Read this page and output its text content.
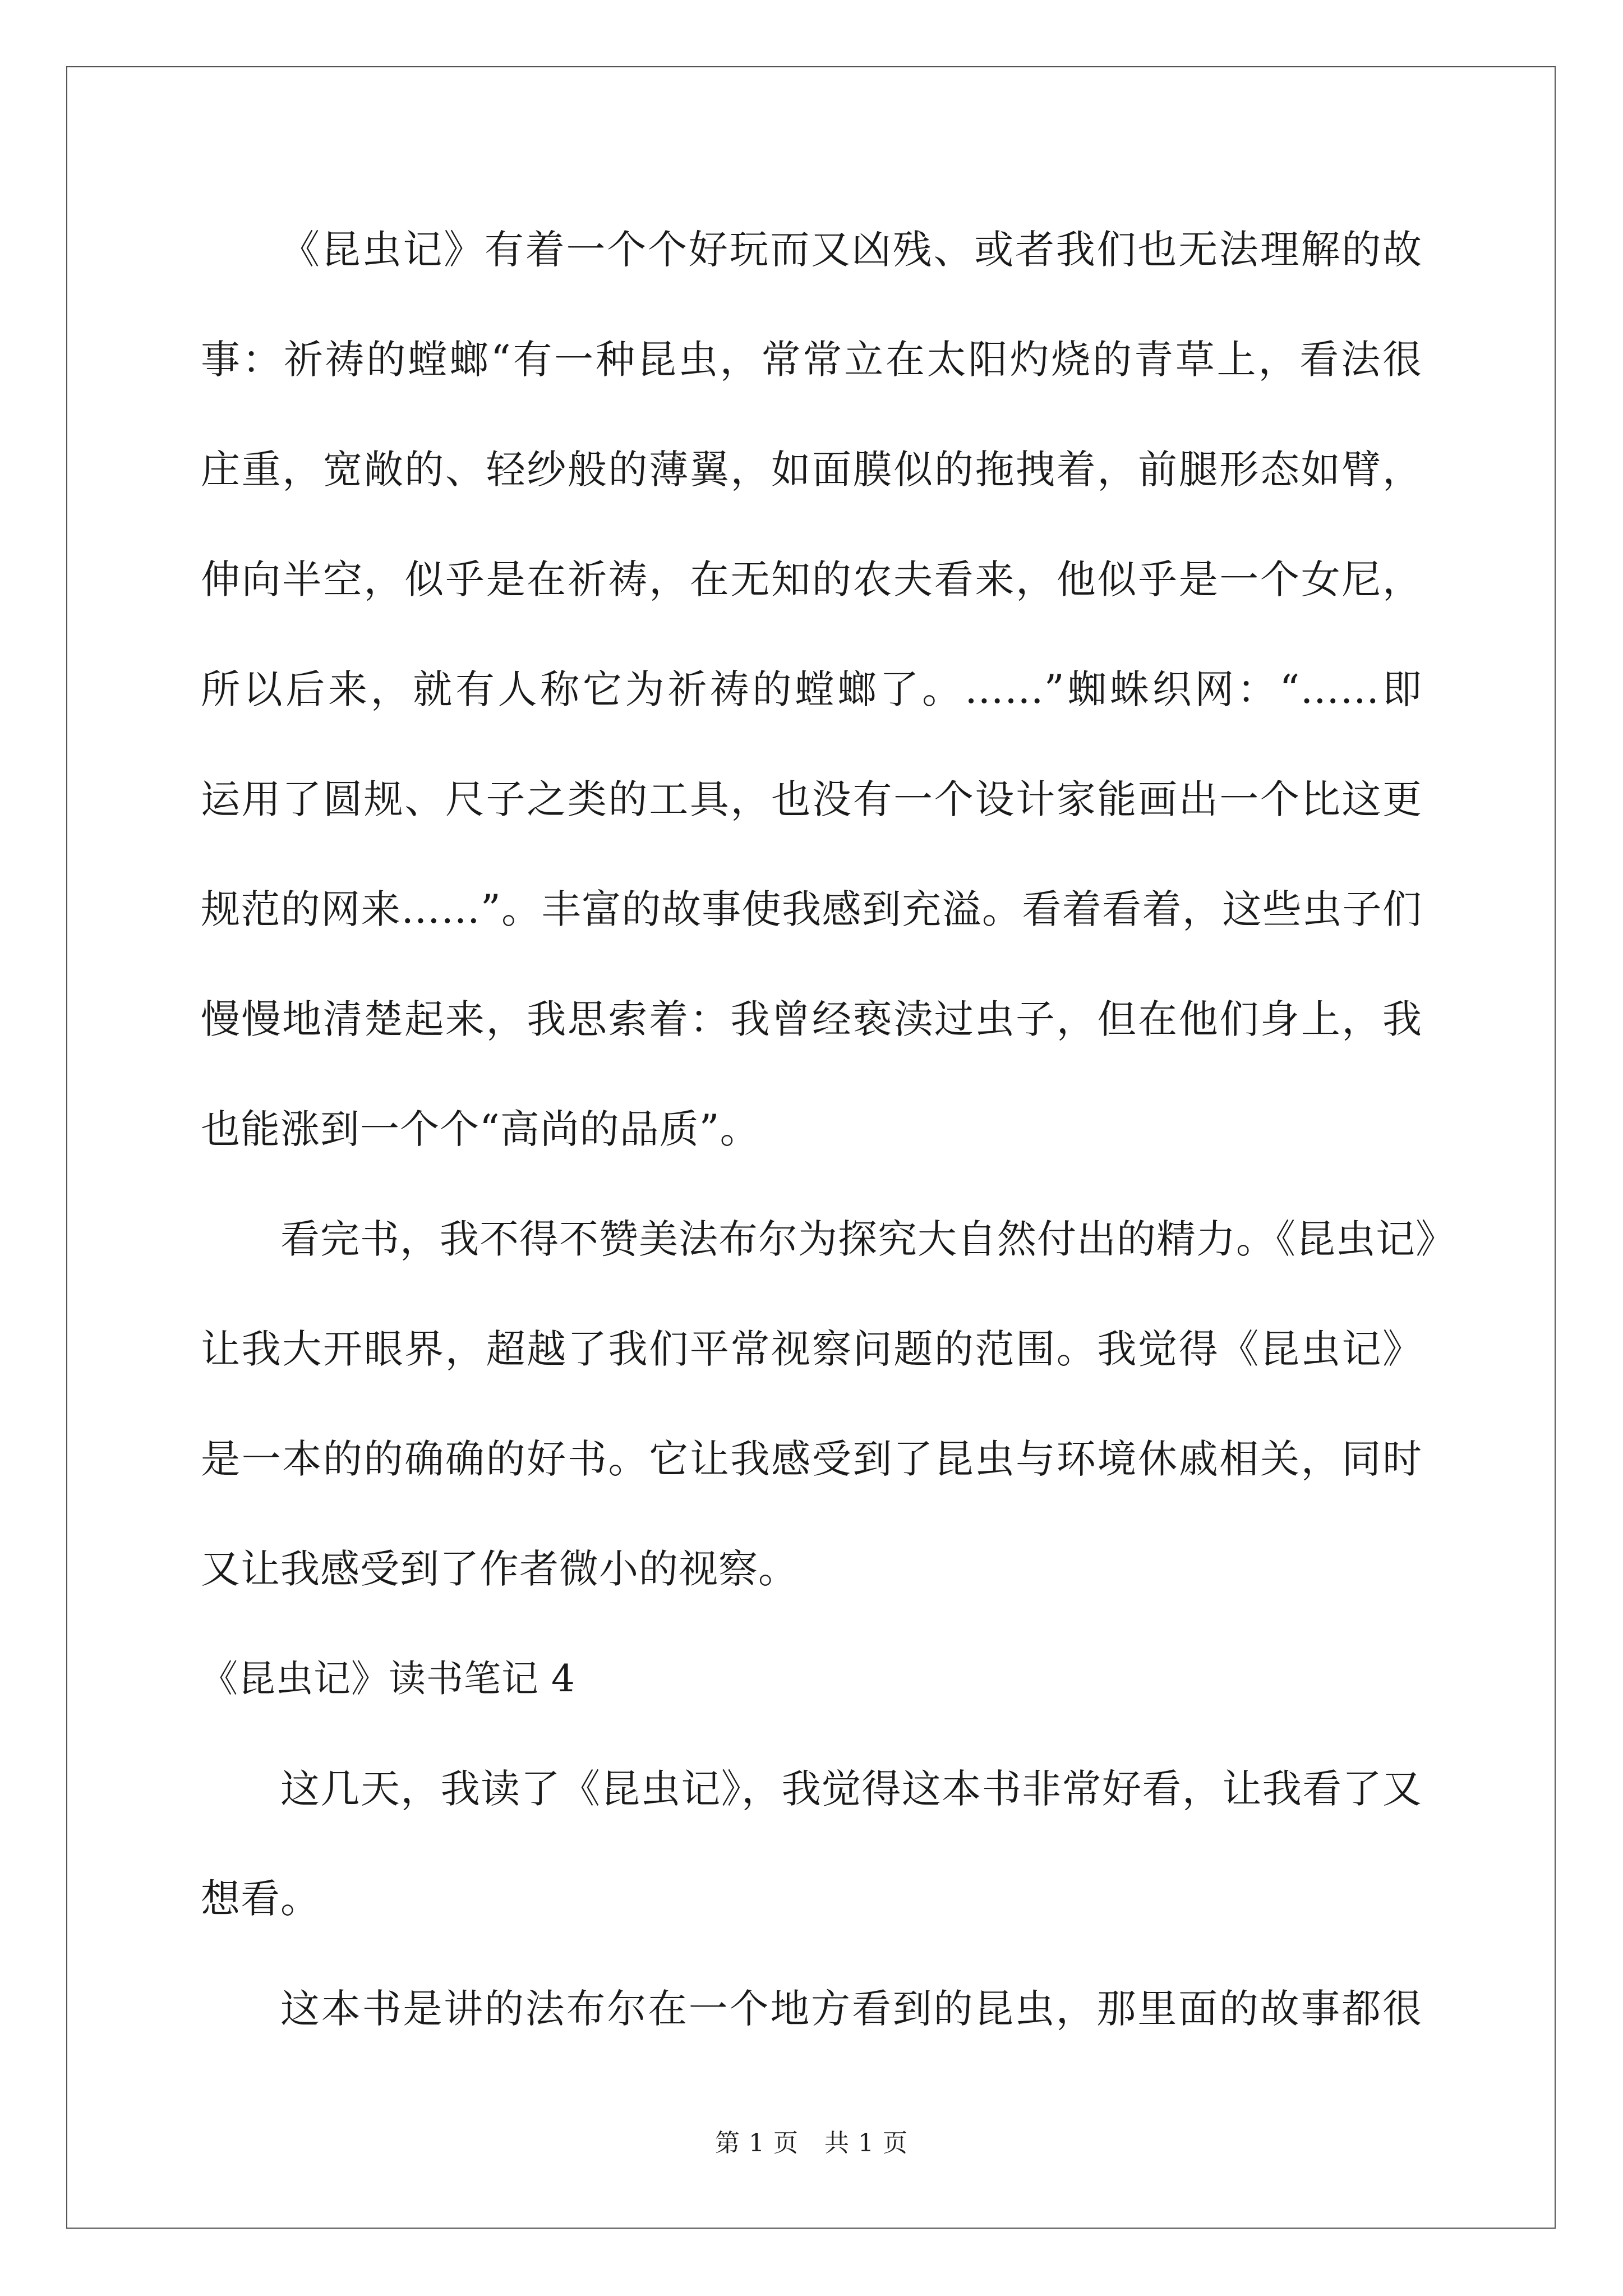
《昆虫记》有着一个个好玩而又凶残、或者我们也无法理解的故
事：祈祷的螳螂“有一种昆虫，常常立在太阳灼烧的青草上，看法很
庄重，宽敞的、轻纱般的薄翼，如面膜似的拖拽着，前腿形态如臂，
伸向半空，似乎是在祈祷，在无知的农夫看来，他似乎是一个女尼，
所以后来，就有人称它为祈祷的螳螂了。……”蜘蛛织网：“……即
运用了圆规、尺子之类的工具，也没有一个设计家能画出一个比这更
规范的网来……”。丰富的故事使我感到充溢。看着看着，这些虫子们
慢慢地清楚起来，我思索着：我曾经亵渎过虫子，但在他们身上，我
也能涨到一个个“高尚的品质”。
看完书，我不得不赞美法布尔为探究大自然付出的精力。《昆虫记》
让我大开眼界，超越了我们平常视察问题的范围。我觉得《昆虫记》
是一本的的确确的好书。它让我感受到了昆虫与环境休戚相关，同时
又让我感受到了作者微小的视察。
《昆虫记》读书笔记 4
这几天，我读了《昆虫记》，我觉得这本书非常好看，让我看了又
想看。
这本书是讲的法布尔在一个地方看到的昆虫，那里面的故事都很
第 1 页 共 1 页
